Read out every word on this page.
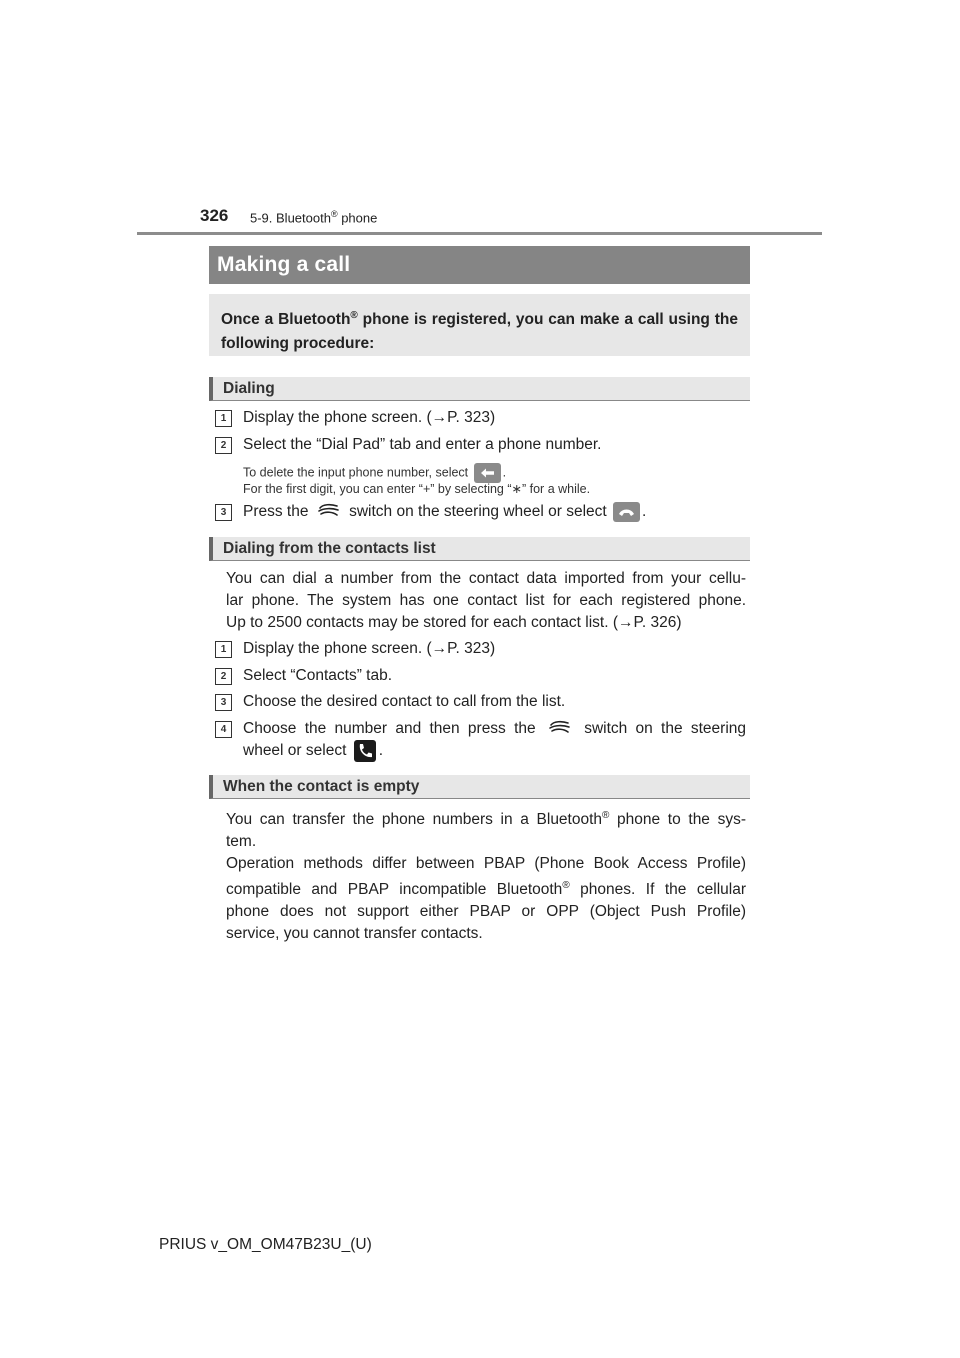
326 5-9. Bluetooth® phone
Making a call
Once a Bluetooth® phone is registered, you can make a call using the following procedure:
Dialing
1	Display the phone screen. (→P. 323)
2	Select the “Dial Pad” tab and enter a phone number.
To delete the input phone number, select	.
For the first digit, you can enter “+” by selecting “∗” for a while.
3	Press the	switch on the steering wheel or select .
Dialing from the contacts list
You can dial a number from the contact data imported from your cellu-
lar phone. The system has one contact list for each registered phone.
Up to 2500 contacts may be stored for each contact list. (→P. 326)
1	Display the phone screen. (→P. 323)
2	Select “Contacts” tab.
3	Choose the desired contact to call from the list.
4	Choose the number and then press the	switch on the steering
wheel or select .
When the contact is empty
You can transfer the phone numbers in a Bluetooth® phone to the sys-
tem.
Operation methods differ between PBAP (Phone Book Access Profile)
compatible and PBAP incompatible Bluetooth® phones. If the cellular
phone does not support either PBAP or OPP (Object Push Profile)
service, you cannot transfer contacts.
PRIUS v_OM_OM47B23U_(U)
